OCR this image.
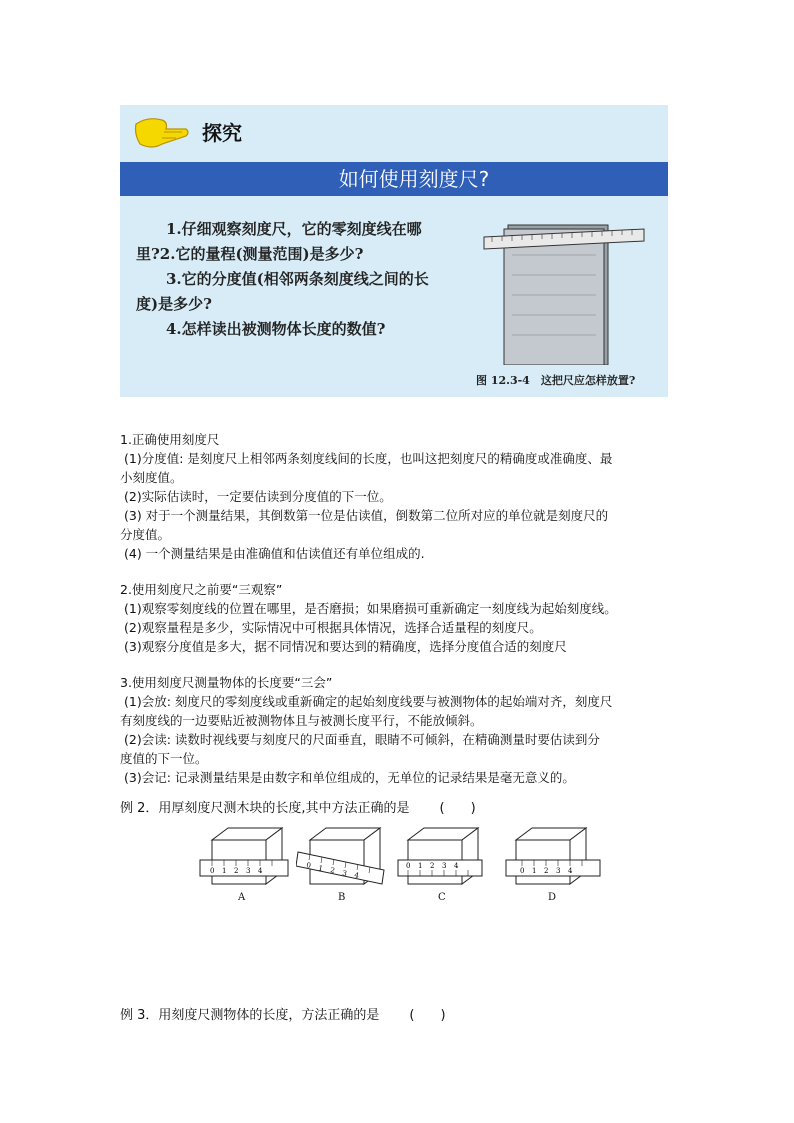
探究
如何使用刻度尺?

1.仔细观察刻度尺，它的零刻度线在哪

里?2.它的量程(测量范围)是多少?

3.它的分度值(相邻两条刻度线之间的长

度)是多少?

4.怎样读出被测物体长度的数值?

图 12.3-4　这把尺应怎样放置?

1.正确使用刻度尺

(1)分度值: 是刻度尺上相邻两条刻度线间的长度，也叫这把刻度尺的精确度或准确度、最

小刻度值。

(2)实际估读时，一定要估读到分度值的下一位。

(3) 对于一个测量结果，其倒数第一位是估读值，倒数第二位所对应的单位就是刻度尺的

分度值。

(4) 一个测量结果是由准确值和估读值还有单位组成的.

2.使用刻度尺之前要“三观察”

(1)观察零刻度线的位置在哪里，是否磨损；如果磨损可重新确定一刻度线为起始刻度线。

(2)观察量程是多少，实际情况中可根据具体情况，选择合适量程的刻度尺。

(3)观察分度值是多大，据不同情况和要达到的精确度，选择分度值合适的刻度尺

3.使用刻度尺测量物体的长度要“三会”

(1)会放: 刻度尺的零刻度线或重新确定的起始刻度线要与被测物体的起始端对齐，刻度尺

有刻度线的一边要贴近被测物体且与被测长度平行，不能放倾斜。

(2)会读: 读数时视线要与刻度尺的尺面垂直，眼睛不可倾斜，在精确测量时要估读到分

度值的下一位。

(3)会记: 记录测量结果是由数字和单位组成的，无单位的记录结果是毫无意义的。

例 2．用厚刻度尺测木块的长度,其中方法正确的是 (　　)
0 1 2 3 4
0 1 2 3 4
0 1 2 3 4
0 1 2 3 4
A	B	C	D
例 3．用刻度尺测物体的长度，方法正确的是 (　　)
